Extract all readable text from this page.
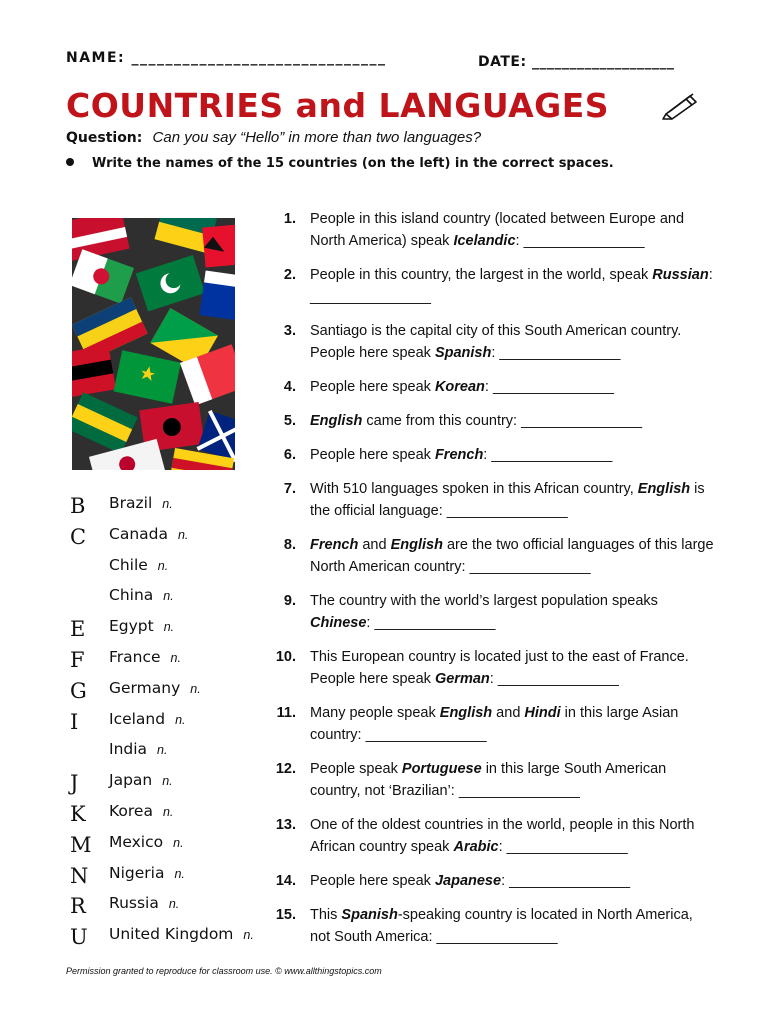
NAME: ______________________________	DATE: ___________________
COUNTRIES and LANGUAGES
Question: Can you say “Hello” in more than two languages?
Write the names of the 15 countries (on the left) in the correct spaces.
B	Brazil n.
C	Canada n.
Chile n.
China n.
E	Egypt n.
F	France n.
G	Germany n.
I	Iceland n.
India n.
J	Japan n.
K	Korea n.
M Mexico n.
N	Nigeria n.
R	Russia n.
U	United Kingdom n.
1. People in this island country (located between Europe and North America) speak Icelandic: _______________
2. People in this country, the largest in the world, speak Russian: _______________
3. Santiago is the capital city of this South American country. People here speak Spanish: _______________
4. People here speak Korean: _______________
5. English came from this country: _______________
6. People here speak French: _______________
7. With 510 languages spoken in this African country, English is the official language: _______________
8. French and English are the two official languages of this large North American country: _______________
9. The country with the world’s largest population speaks Chinese: _______________
10. This European country is located just to the east of France. People here speak German: _______________
11. Many people speak English and Hindi in this large Asian country: _______________
12. People speak Portuguese in this large South American country, not ‘Brazilian’: _______________
13. One of the oldest countries in the world, people in this North African country speak Arabic: _______________
14. People here speak Japanese: _______________
15. This Spanish-speaking country is located in North America, not South America: _______________
Permission granted to reproduce for classroom use. © www.allthingstopics.com
